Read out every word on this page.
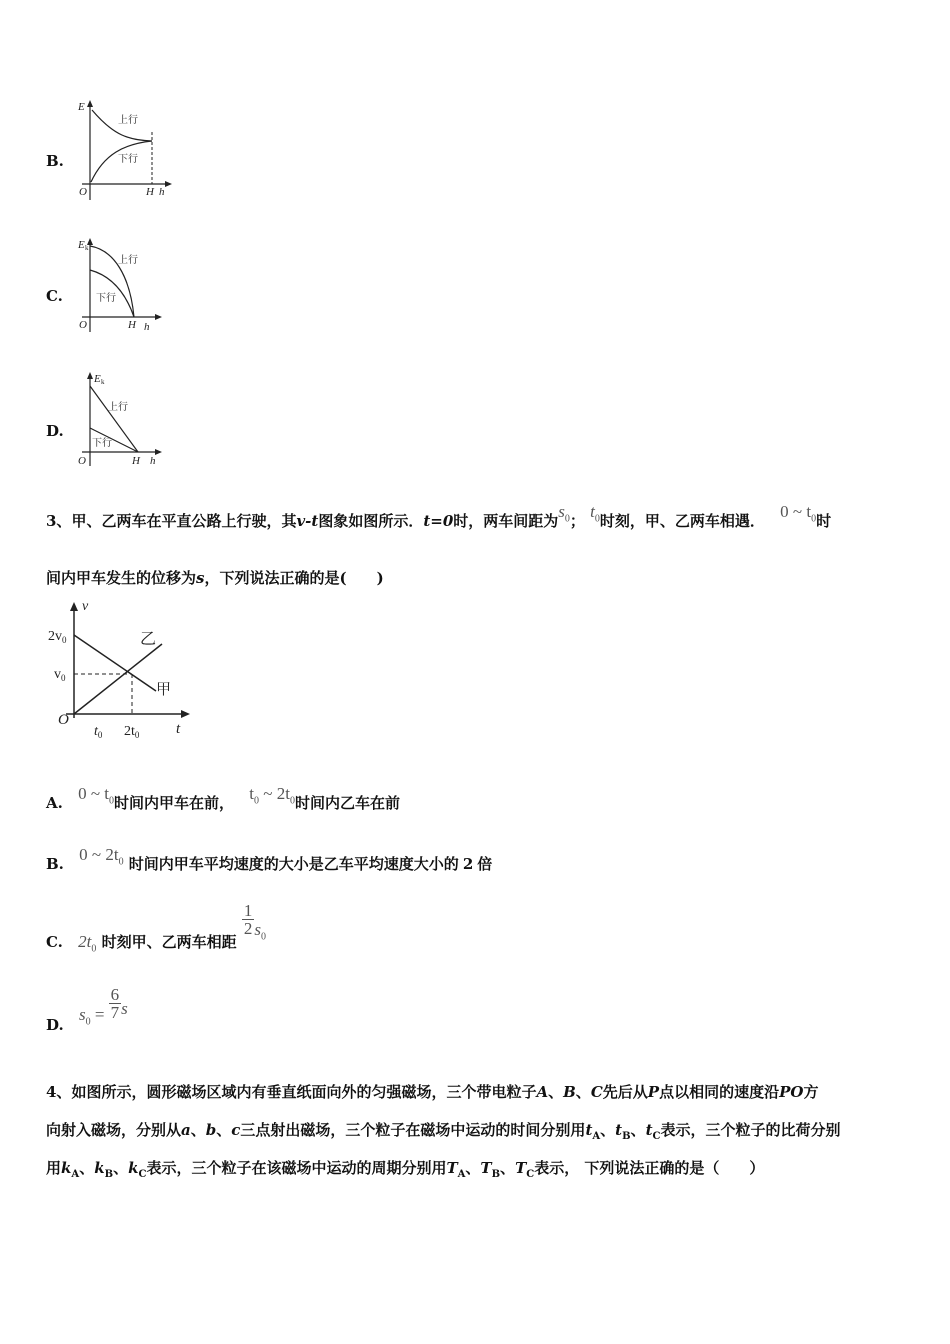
B.
E
上行
下行
O	H h
C.
E k
上行
下行
O	H h
D.
E k
上行
下行
O	H h
3、甲、乙两车在平直公路上行驶，其v-t图象如图所示．t=0时，两车间距为$s_0$； $t_0$时刻，甲、乙两车相遇． 0 ~ $t_0$时
间内甲车发生的位移为s，下列说法正确的是(　　)
v
$2v_0$
$v_0$
O
$t_0$ $2t_0$ t
乙
甲
A. 0 ~ $t_0$时间内甲车在前， $t_0$ ~ $2t_0$时间内乙车在前
B. 0 ~ $2t_0$ 时间内甲车平均速度的大小是乙车平均速度大小的 2 倍
C. $2t_0$ 时刻甲、乙两车相距
$\frac{1}{2} s_0$
D. $s_0 = \frac{6}{7}$ s
4、如图所示，圆形磁场区域内有垂直纸面向外的匀强磁场，三个带电粒子A、B、C先后从P点以相同的速度沿PO方
向射入磁场，分别从a、b、c三点射出磁场，三个粒子在磁场中运动的时间分别用$t_A$、$t_B$、$t_C$表示，三个粒子的比荷分别
用$k_A$、$k_B$、$k_C$表示，三个粒子在该磁场中运动的周期分别用$T_A$、$T_B$、$T_C$表示， 下列说法正确的是（　　）
